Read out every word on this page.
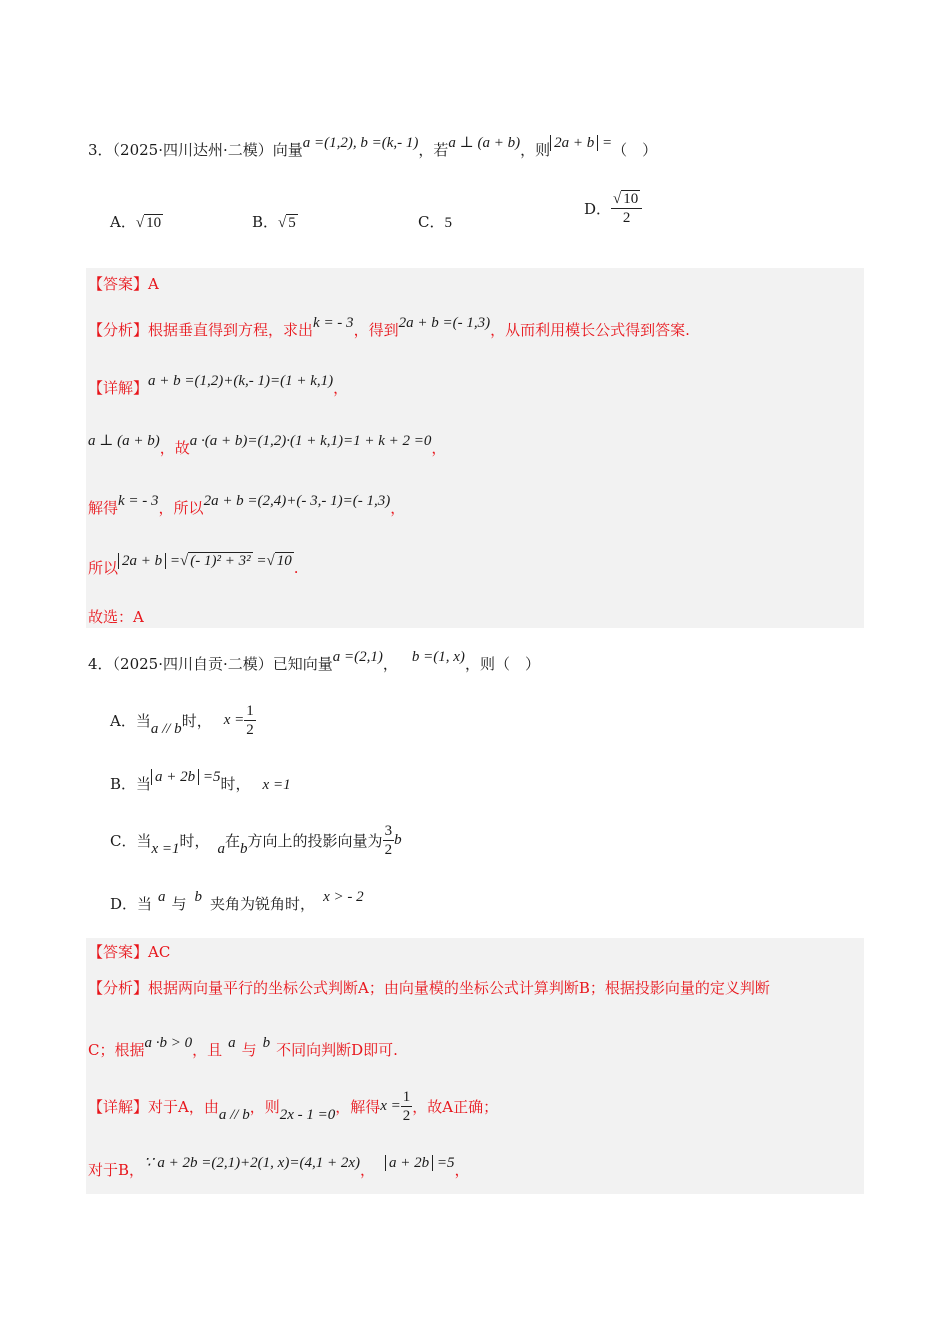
3．（2025·四川达州·二模）向量a =(1,2), b =(k,- 1)，若a ⊥ (a + b)，则 2a + b =（　）
A．√ 10	B．√ 5	C．5
D． $\frac{√ 10}{2}$
【答案】A
【分析】根据垂直得到方程，求出k = - 3，得到2a + b =(- 1,3)，从而利用模长公式得到答案.
【详解】a + b =(1,2)+(k,- 1)=(1 + k,1)，
a ⊥ (a + b)，故a ·(a + b)=(1,2)·(1 + k,1)=1 + k + 2 =0，
解得k = - 3，所以2a + b =(2,4)+(- 3,- 1)=(- 1,3)，
所以 2a + b =√ (- 1)² + 3² =√ 10 .
故选：A
4．（2025·四川自贡·二模）已知向量a =(2,1)， b =(1, x)，则（　）
A．当a // b时， $x = \frac{1}{2}$
B．当 a + 2b =5时， x =1
C．当x =1时， a在b方向上的投影向量为 $\frac{3}{2}$ b
D．当 a 与 b 夹角为锐角时， x > - 2
【答案】AC
【分析】根据两向量平行的坐标公式判断A；由向量模的坐标公式计算判断B；根据投影向量的定义判断
C；根据a ·b > 0，且 a 与 b 不同向判断D即可.
【详解】对于A，由a // b，则2x - 1 =0，解得$x = \frac{1}{2}$ ，故A正确；
对于B，∵ a + 2b =(2,1)+2(1, x)=(4,1 + 2x)， a + 2b =5，
